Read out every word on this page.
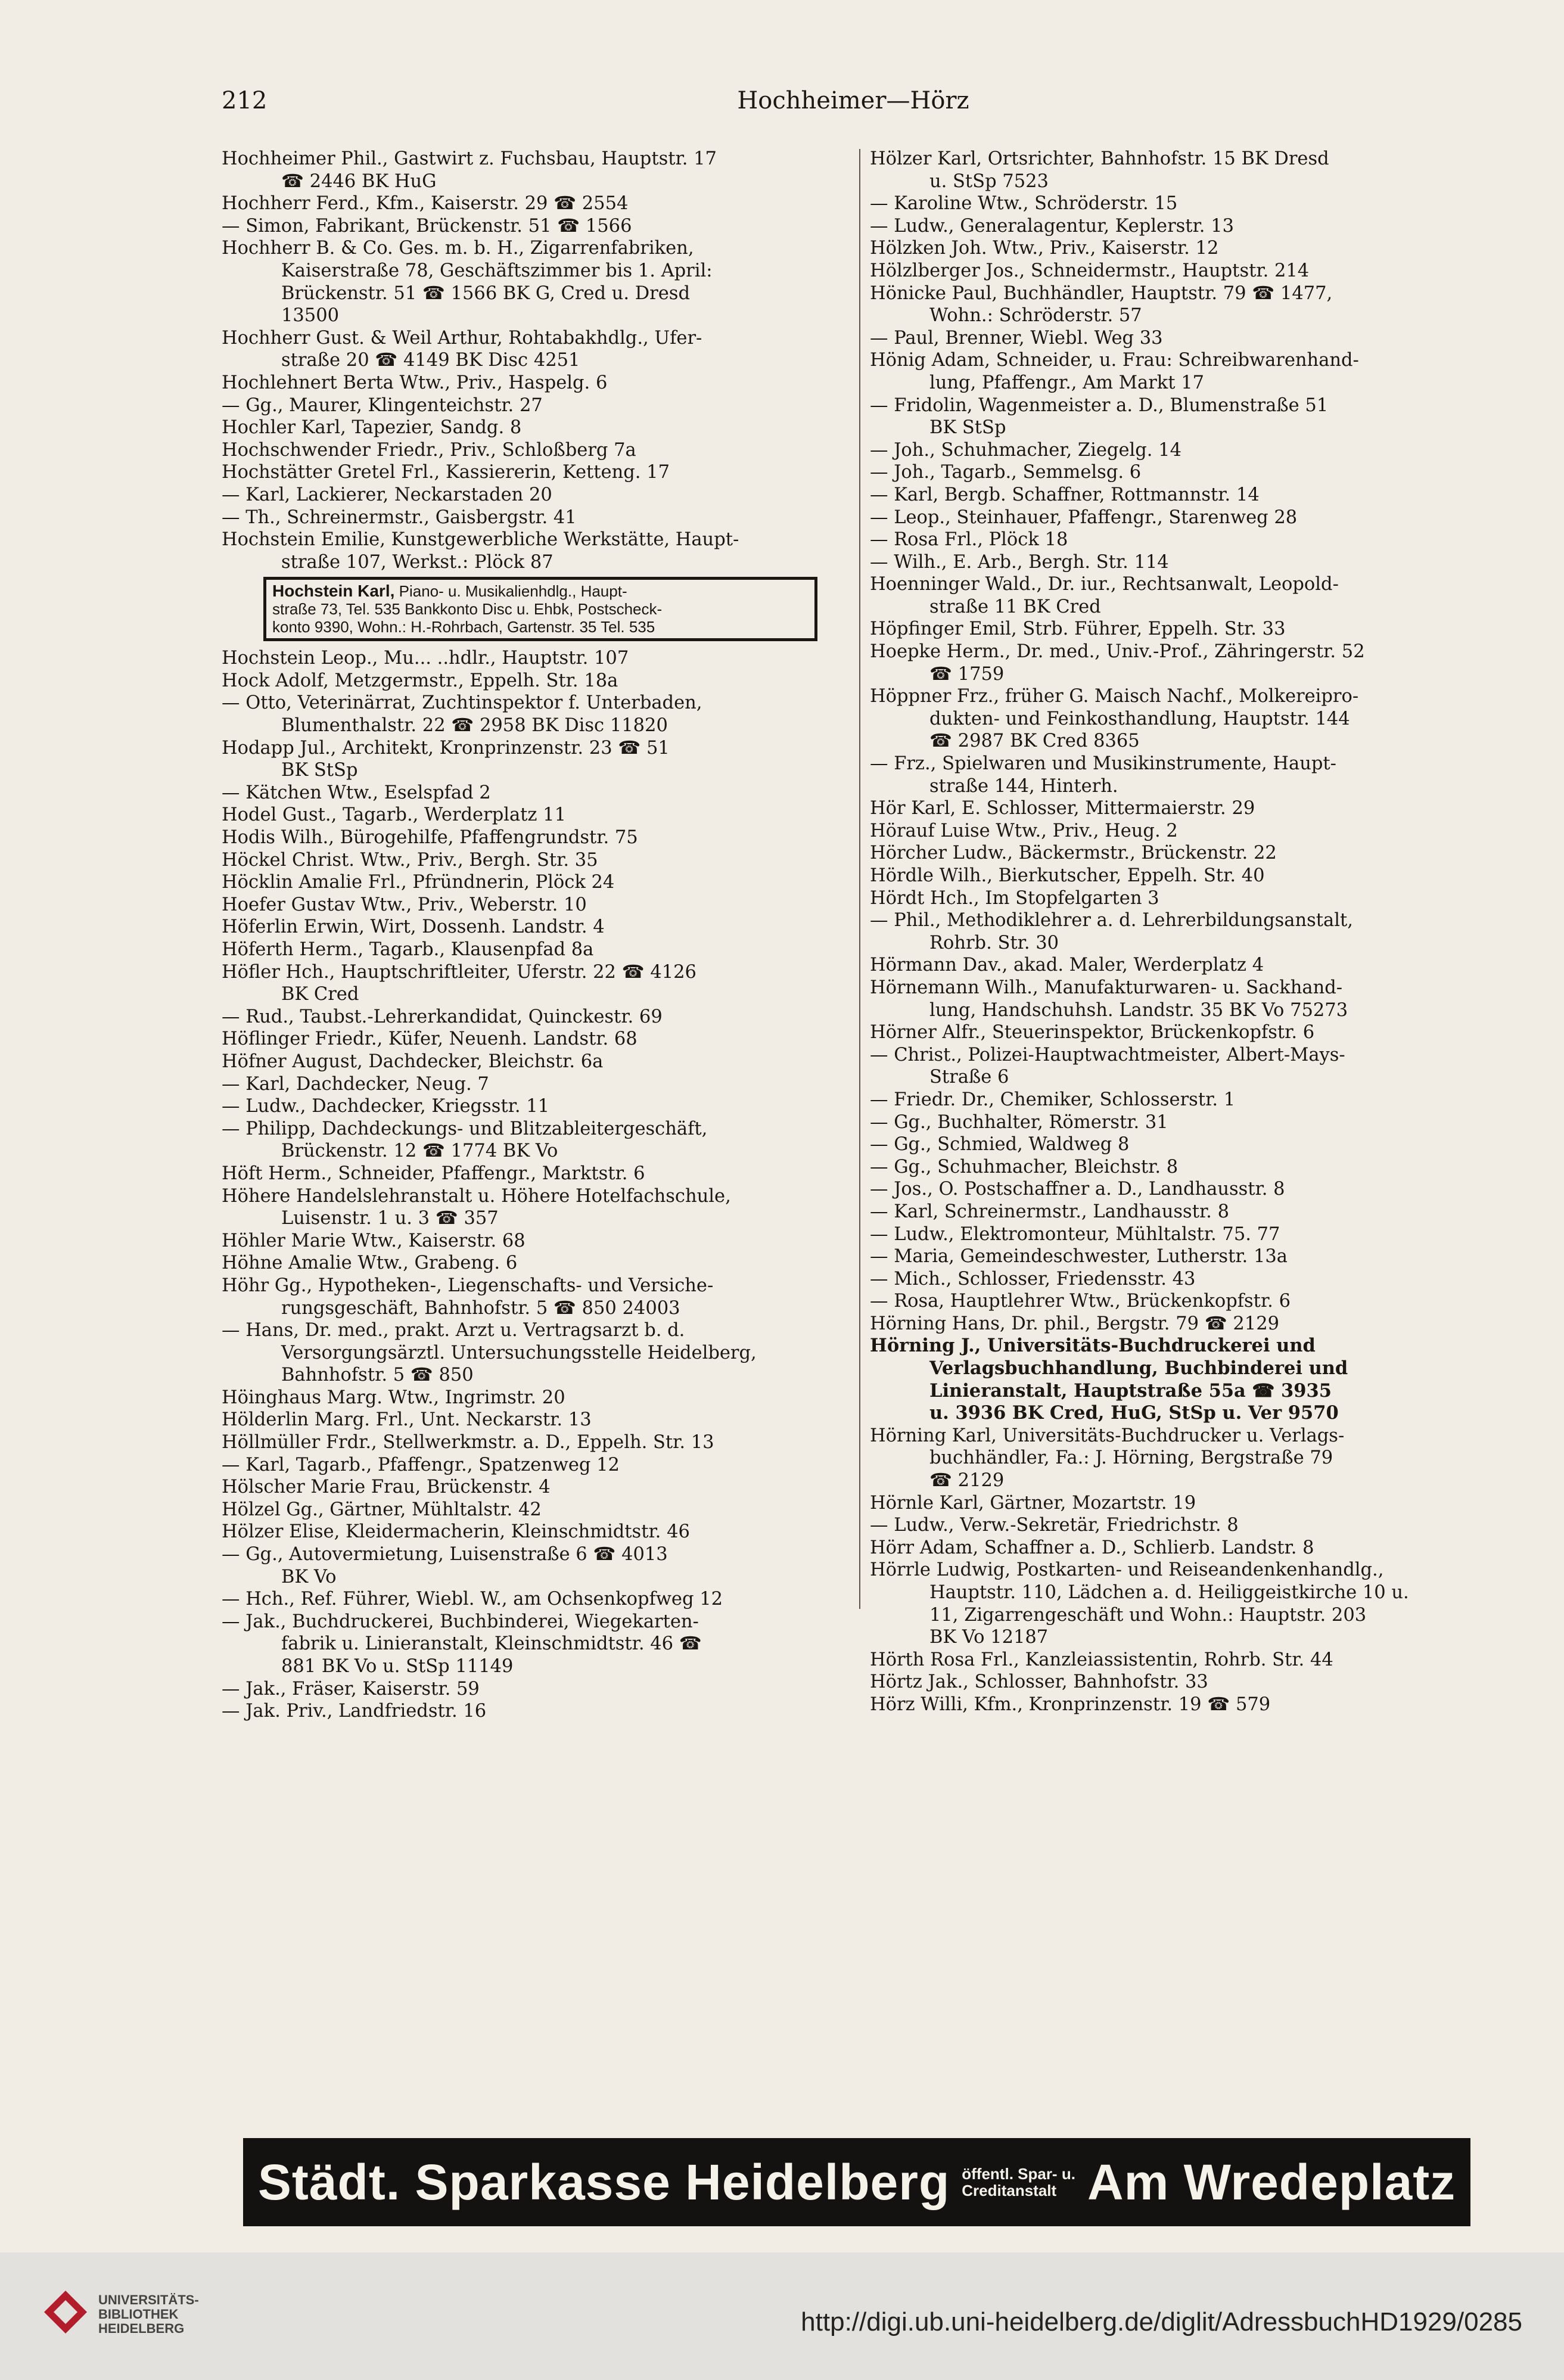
212	Hochheimer—Hörz
Hochheimer Phil., Gastwirt z. Fuchsbau, Hauptstr. 17
☎ 2446 BK HuG
Hochherr Ferd., Kfm., Kaiserstr. 29 ☎ 2554
— Simon, Fabrikant, Brückenstr. 51 ☎ 1566
Hochherr B. & Co. Ges. m. b. H., Zigarrenfabriken,
Kaiserstraße 78, Geschäftszimmer bis 1. April:
Brückenstr. 51 ☎ 1566 BK G, Cred u. Dresd
13500
Hochherr Gust. & Weil Arthur, Rohtabakhdlg., Ufer-
straße 20 ☎ 4149 BK Disc 4251
Hochlehnert Berta Wtw., Priv., Haspelg. 6
— Gg., Maurer, Klingenteichstr. 27
Hochler Karl, Tapezier, Sandg. 8
Hochschwender Friedr., Priv., Schloßberg 7a
Hochstätter Gretel Frl., Kassiererin, Ketteng. 17
— Karl, Lackierer, Neckarstaden 20
— Th., Schreinermstr., Gaisbergstr. 41
Hochstein Emilie, Kunstgewerbliche Werkstätte, Haupt-
straße 107, Werkst.: Plöck 87
Hochstein Karl, Piano- u. Musikalienhdlg., Haupt-
straße 73, Tel. 535 Bankkonto Disc u. Ehbk, Postscheck-
konto 9390, Wohn.: H.-Rohrbach, Gartenstr. 35 Tel. 535
Hochstein Leop., Mu... ..hdlr., Hauptstr. 107
Hock Adolf, Metzgermstr., Eppelh. Str. 18a
— Otto, Veterinärrat, Zuchtinspektor f. Unterbaden,
Blumenthalstr. 22 ☎ 2958 BK Disc 11820
Hodapp Jul., Architekt, Kronprinzenstr. 23 ☎ 51
BK StSp
— Kätchen Wtw., Eselspfad 2
Hodel Gust., Tagarb., Werderplatz 11
Hodis Wilh., Bürogehilfe, Pfaffengrundstr. 75
Höckel Christ. Wtw., Priv., Bergh. Str. 35
Höcklin Amalie Frl., Pfründnerin, Plöck 24
Hoefer Gustav Wtw., Priv., Weberstr. 10
Höferlin Erwin, Wirt, Dossenh. Landstr. 4
Höferth Herm., Tagarb., Klausenpfad 8a
Höfler Hch., Hauptschriftleiter, Uferstr. 22 ☎ 4126
BK Cred
— Rud., Taubst.-Lehrerkandidat, Quinckestr. 69
Höflinger Friedr., Küfer, Neuenh. Landstr. 68
Höfner August, Dachdecker, Bleichstr. 6a
— Karl, Dachdecker, Neug. 7
— Ludw., Dachdecker, Kriegsstr. 11
— Philipp, Dachdeckungs- und Blitzableitergeschäft,
Brückenstr. 12 ☎ 1774 BK Vo
Höft Herm., Schneider, Pfaffengr., Marktstr. 6
Höhere Handelslehranstalt u. Höhere Hotelfachschule,
Luisenstr. 1 u. 3 ☎ 357
Höhler Marie Wtw., Kaiserstr. 68
Höhne Amalie Wtw., Grabeng. 6
Höhr Gg., Hypotheken-, Liegenschafts- und Versiche-
rungsgeschäft, Bahnhofstr. 5 ☎ 850 24003
— Hans, Dr. med., prakt. Arzt u. Vertragsarzt b. d.
Versorgungsärztl. Untersuchungsstelle Heidelberg,
Bahnhofstr. 5 ☎ 850
Höinghaus Marg. Wtw., Ingrimstr. 20
Hölderlin Marg. Frl., Unt. Neckarstr. 13
Höllmüller Frdr., Stellwerkmstr. a. D., Eppelh. Str. 13
— Karl, Tagarb., Pfaffengr., Spatzenweg 12
Hölscher Marie Frau, Brückenstr. 4
Hölzel Gg., Gärtner, Mühltalstr. 42
Hölzer Elise, Kleidermacherin, Kleinschmidtstr. 46
— Gg., Autovermietung, Luisenstraße 6 ☎ 4013
BK Vo
— Hch., Ref. Führer, Wiebl. W., am Ochsenkopfweg 12
— Jak., Buchdruckerei, Buchbinderei, Wiegekarten-
fabrik u. Linieranstalt, Kleinschmidtstr. 46 ☎
881 BK Vo u. StSp 11149
— Jak., Fräser, Kaiserstr. 59
— Jak. Priv., Landfriedstr. 16
Hölzer Karl, Ortsrichter, Bahnhofstr. 15 BK Dresd
u. StSp 7523
— Karoline Wtw., Schröderstr. 15
— Ludw., Generalagentur, Keplerstr. 13
Hölzken Joh. Wtw., Priv., Kaiserstr. 12
Hölzlberger Jos., Schneidermstr., Hauptstr. 214
Hönicke Paul, Buchhändler, Hauptstr. 79 ☎ 1477,
Wohn.: Schröderstr. 57
— Paul, Brenner, Wiebl. Weg 33
Hönig Adam, Schneider, u. Frau: Schreibwarenhand-
lung, Pfaffengr., Am Markt 17
— Fridolin, Wagenmeister a. D., Blumenstraße 51
BK StSp
— Joh., Schuhmacher, Ziegelg. 14
— Joh., Tagarb., Semmelsg. 6
— Karl, Bergb. Schaffner, Rottmannstr. 14
— Leop., Steinhauer, Pfaffengr., Starenweg 28
— Rosa Frl., Plöck 18
— Wilh., E. Arb., Bergh. Str. 114
Hoenninger Wald., Dr. iur., Rechtsanwalt, Leopold-
straße 11 BK Cred
Höpfinger Emil, Strb. Führer, Eppelh. Str. 33
Hoepke Herm., Dr. med., Univ.-Prof., Zähringerstr. 52
☎ 1759
Höppner Frz., früher G. Maisch Nachf., Molkereipro-
dukten- und Feinkosthandlung, Hauptstr. 144
☎ 2987 BK Cred 8365
— Frz., Spielwaren und Musikinstrumente, Haupt-
straße 144, Hinterh.
Hör Karl, E. Schlosser, Mittermaierstr. 29
Hörauf Luise Wtw., Priv., Heug. 2
Hörcher Ludw., Bäckermstr., Brückenstr. 22
Hördle Wilh., Bierkutscher, Eppelh. Str. 40
Hördt Hch., Im Stopfelgarten 3
— Phil., Methodiklehrer a. d. Lehrerbildungsanstalt,
Rohrb. Str. 30
Hörmann Dav., akad. Maler, Werderplatz 4
Hörnemann Wilh., Manufakturwaren- u. Sackhand-
lung, Handschuhsh. Landstr. 35 BK Vo 75273
Hörner Alfr., Steuerinspektor, Brückenkopfstr. 6
— Christ., Polizei-Hauptwachtmeister, Albert-Mays-
Straße 6
— Friedr. Dr., Chemiker, Schlosserstr. 1
— Gg., Buchhalter, Römerstr. 31
— Gg., Schmied, Waldweg 8
— Gg., Schuhmacher, Bleichstr. 8
— Jos., O. Postschaffner a. D., Landhausstr. 8
— Karl, Schreinermstr., Landhausstr. 8
— Ludw., Elektromonteur, Mühltalstr. 75. 77
— Maria, Gemeindeschwester, Lutherstr. 13a
— Mich., Schlosser, Friedensstr. 43
— Rosa, Hauptlehrer Wtw., Brückenkopfstr. 6
Hörning Hans, Dr. phil., Bergstr. 79 ☎ 2129
Hörning J., Universitäts-Buchdruckerei und
Verlagsbuchhandlung, Buchbinderei und
Linieranstalt, Hauptstraße 55a ☎ 3935
u. 3936 BK Cred, HuG, StSp u. Ver 9570
Hörning Karl, Universitäts-Buchdrucker u. Verlags-
buchhändler, Fa.: J. Hörning, Bergstraße 79
☎ 2129
Hörnle Karl, Gärtner, Mozartstr. 19
— Ludw., Verw.-Sekretär, Friedrichstr. 8
Hörr Adam, Schaffner a. D., Schlierb. Landstr. 8
Hörrle Ludwig, Postkarten- und Reiseandenkenhandlg.,
Hauptstr. 110, Lädchen a. d. Heiliggeistkirche 10 u.
11, Zigarrengeschäft und Wohn.: Hauptstr. 203
BK Vo 12187
Hörth Rosa Frl., Kanzleiassistentin, Rohrb. Str. 44
Hörtz Jak., Schlosser, Bahnhofstr. 33
Hörz Willi, Kfm., Kronprinzenstr. 19 ☎ 579
Städt. Sparkasse Heidelberg öffentl. Spar- u.
Creditanstalt Am Wredeplatz
UNIVERSITÄTS-
BIBLIOTHEK
HEIDELBERG	http://digi.ub.uni-heidelberg.de/diglit/AdressbuchHD1929/0285
